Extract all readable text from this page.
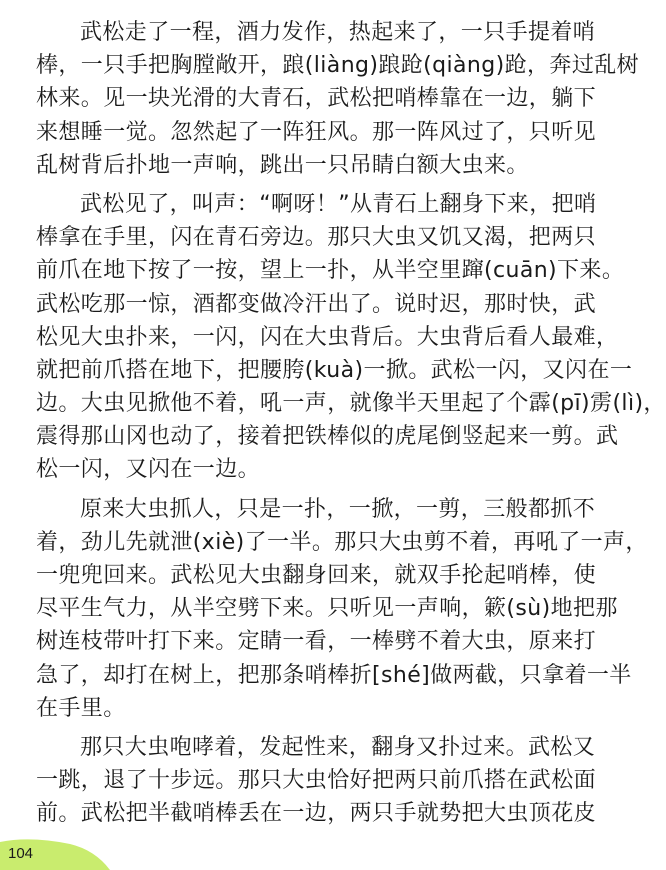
武松走了一程，酒力发作，热起来了，一只手提着哨
棒，一只手把胸膛敞开，踉(liàng)踉跄(qiàng)跄，奔过乱树
林来。见一块光滑的大青石，武松把哨棒靠在一边，躺下
来想睡一觉。忽然起了一阵狂风。那一阵风过了，只听见
乱树背后扑地一声响，跳出一只吊睛白额大虫来。
武松见了，叫声：“啊呀！”从青石上翻身下来，把哨
棒拿在手里，闪在青石旁边。那只大虫又饥又渴，把两只
前爪在地下按了一按，望上一扑，从半空里蹿(cuān)下来。
武松吃那一惊，酒都变做冷汗出了。说时迟，那时快，武
松见大虫扑来，一闪，闪在大虫背后。大虫背后看人最难，
就把前爪搭在地下，把腰胯(kuà)一掀。武松一闪，又闪在一
边。大虫见掀他不着，吼一声，就像半天里起了个霹(pī)雳(lì)，
震得那山冈也动了，接着把铁棒似的虎尾倒竖起来一剪。武
松一闪，又闪在一边。
原来大虫抓人，只是一扑，一掀，一剪，三般都抓不
着，劲儿先就泄(xiè)了一半。那只大虫剪不着，再吼了一声，
一兜兜回来。武松见大虫翻身回来，就双手抡起哨棒，使
尽平生气力，从半空劈下来。只听见一声响，簌(sù)地把那
树连枝带叶打下来。定睛一看，一棒劈不着大虫，原来打
急了，却打在树上，把那条哨棒折[shé]做两截，只拿着一半
在手里。
那只大虫咆哮着，发起性来，翻身又扑过来。武松又
一跳，退了十步远。那只大虫恰好把两只前爪搭在武松面
前。武松把半截哨棒丢在一边，两只手就势把大虫顶花皮
104
